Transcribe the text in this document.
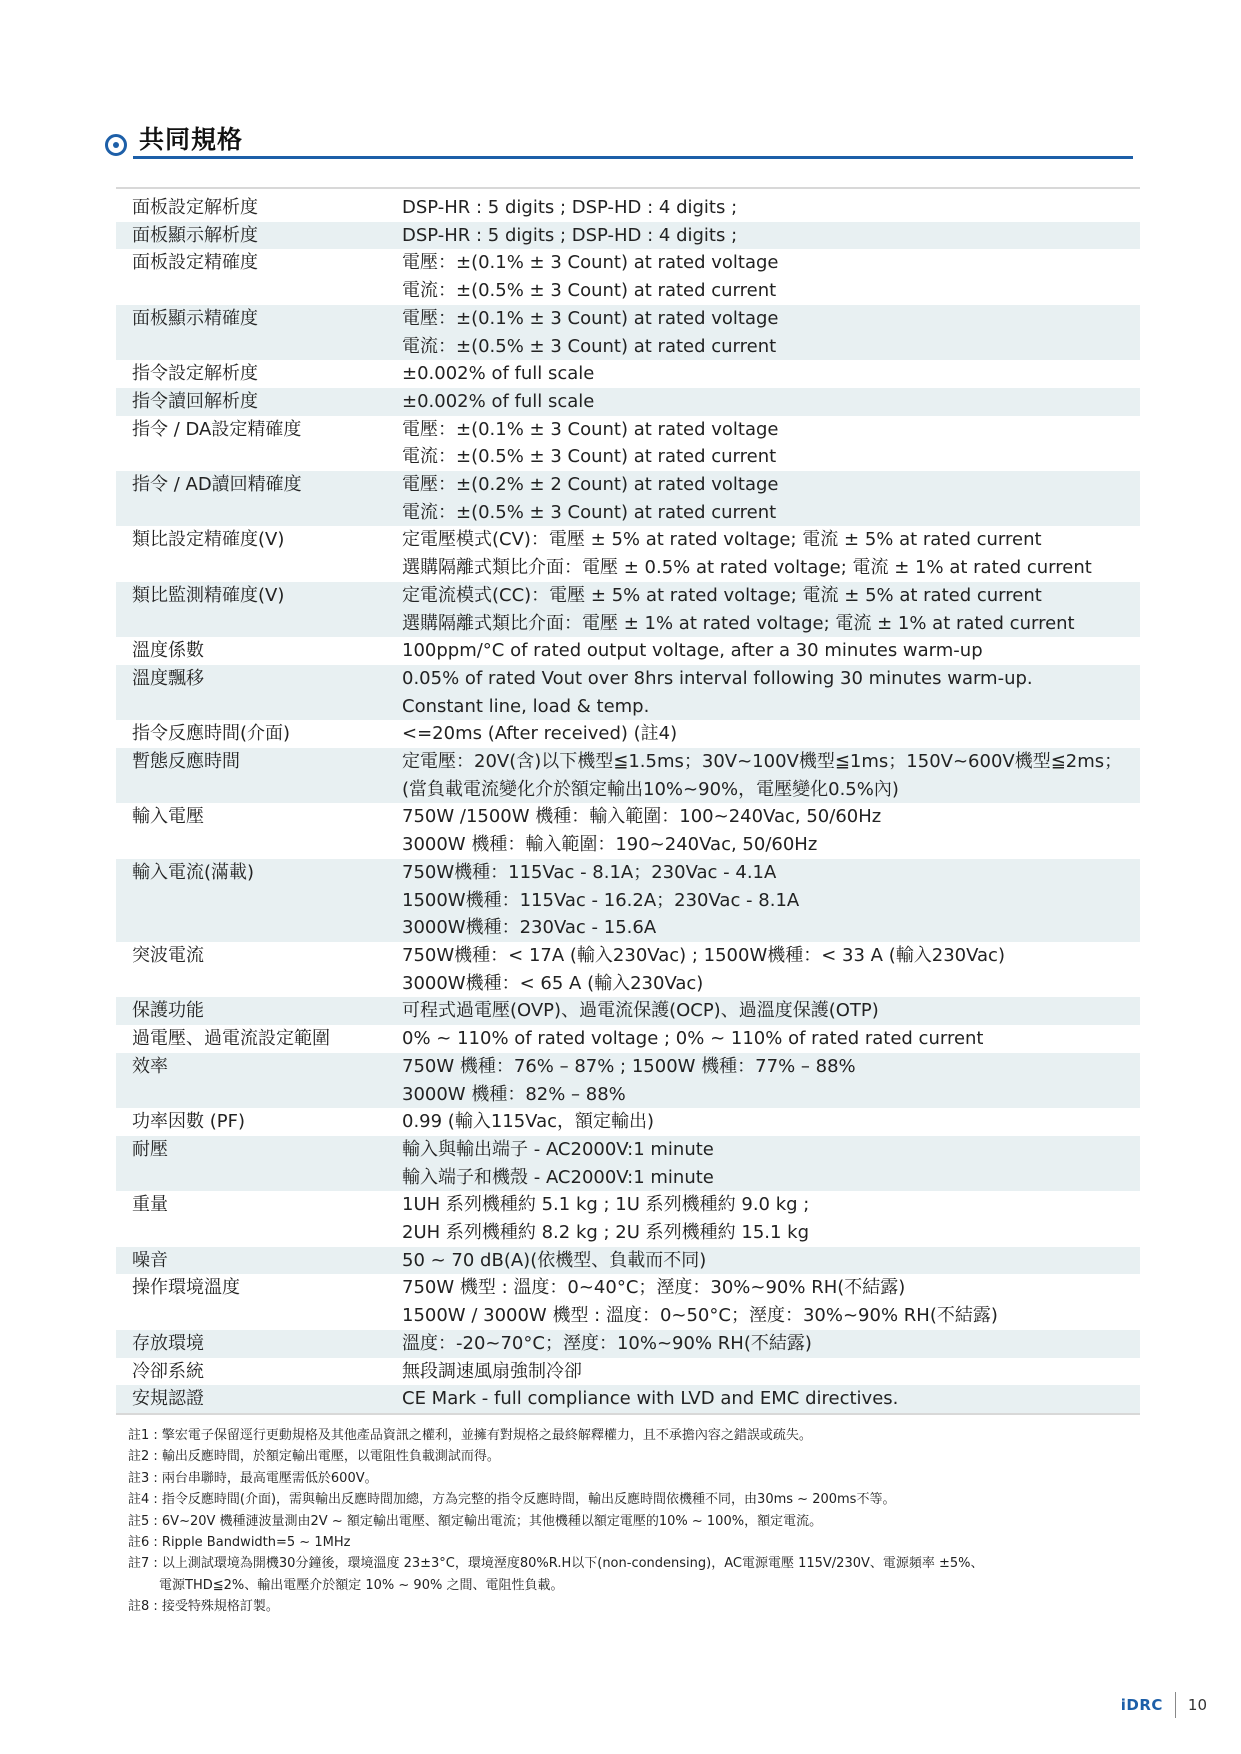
共同規格
面板設定解析度	DSP-HR : 5 digits ; DSP-HD : 4 digits ;
面板顯示解析度	DSP-HR : 5 digits ; DSP-HD : 4 digits ;
面板設定精確度	電壓：±(0.1% ± 3 Count) at rated voltage
電流：±(0.5% ± 3 Count) at rated current
面板顯示精確度	電壓：±(0.1% ± 3 Count) at rated voltage
電流：±(0.5% ± 3 Count) at rated current
指令設定解析度	±0.002% of full scale
指令讀回解析度	±0.002% of full scale
指令 / DA設定精確度	電壓：±(0.1% ± 3 Count) at rated voltage
電流：±(0.5% ± 3 Count) at rated current
指令 / AD讀回精確度	電壓：±(0.2% ± 2 Count) at rated voltage
電流：±(0.5% ± 3 Count) at rated current
類比設定精確度(V)	定電壓模式(CV)：電壓 ± 5% at rated voltage; 電流 ± 5% at rated current
選購隔離式類比介面：電壓 ± 0.5% at rated voltage; 電流 ± 1% at rated current
類比監測精確度(V)	定電流模式(CC)：電壓 ± 5% at rated voltage; 電流 ± 5% at rated current
選購隔離式類比介面：電壓 ± 1% at rated voltage; 電流 ± 1% at rated current
溫度係數	100ppm/°C of rated output voltage, after a 30 minutes warm-up
溫度飄移	0.05% of rated Vout over 8hrs interval following 30 minutes warm-up.
Constant line, load & temp.
指令反應時間(介面)	<=20ms (After received) (註4)
暫態反應時間	定電壓：20V(含)以下機型≦1.5ms；30V~100V機型≦1ms；150V~600V機型≦2ms；
(當負載電流變化介於額定輸出10%~90%，電壓變化0.5%內)
輸入電壓	750W /1500W 機種：輸入範圍：100~240Vac, 50/60Hz
3000W 機種：輸入範圍：190~240Vac, 50/60Hz
輸入電流(滿載)	750W機種：115Vac - 8.1A；230Vac - 4.1A
1500W機種：115Vac - 16.2A；230Vac - 8.1A
3000W機種：230Vac - 15.6A
突波電流	750W機種：< 17A (輸入230Vac) ; 1500W機種：< 33 A (輸入230Vac)
3000W機種：< 65 A (輸入230Vac)
保護功能	可程式過電壓(OVP)、過電流保護(OCP)、過溫度保護(OTP)
過電壓、過電流設定範圍	0% ~ 110% of rated voltage ; 0% ~ 110% of rated rated current
效率	750W 機種：76% – 87% ; 1500W 機種：77% – 88%
3000W 機種：82% – 88%
功率因數 (PF)	0.99 (輸入115Vac，額定輸出)
耐壓	輸入與輸出端子 - AC2000V:1 minute
輸入端子和機殼 - AC2000V:1 minute
重量	1UH 系列機種約 5.1 kg ; 1U 系列機種約 9.0 kg ;
2UH 系列機種約 8.2 kg ; 2U 系列機種約 15.1 kg
噪音	50 ~ 70 dB(A)(依機型、負載而不同)
操作環境溫度	750W 機型 : 溫度：0~40°C；溼度：30%~90% RH(不結露)
1500W / 3000W 機型 : 溫度：0~50°C；溼度：30%~90% RH(不結露)
存放環境	溫度：-20~70°C；溼度：10%~90% RH(不結露)
冷卻系統	無段調速風扇強制冷卻
安規認證	CE Mark - full compliance with LVD and EMC directives.
註1 : 擎宏電子保留逕行更動規格及其他產品資訊之權利，並擁有對規格之最終解釋權力，且不承擔內容之錯誤或疏失。
註2 : 輸出反應時間，於額定輸出電壓，以電阻性負載測試而得。
註3 : 兩台串聯時，最高電壓需低於600V。
註4 : 指令反應時間(介面)，需與輸出反應時間加總，方為完整的指令反應時間，輸出反應時間依機種不同，由30ms ~ 200ms不等。
註5 : 6V~20V 機種漣波量測由2V ~ 額定輸出電壓、額定輸出電流；其他機種以額定電壓的10% ~ 100%，額定電流。
註6 : Ripple Bandwidth=5 ~ 1MHz
註7 : 以上測試環境為開機30分鐘後，環境溫度 23±3°C，環境溼度80%R.H以下(non-condensing)，AC電源電壓 115V/230V、電源頻率 ±5%、
電源THD≦2%、輸出電壓介於額定 10% ~ 90% 之間、電阻性負載。
註8 : 接受特殊規格訂製。
iDRC 10
